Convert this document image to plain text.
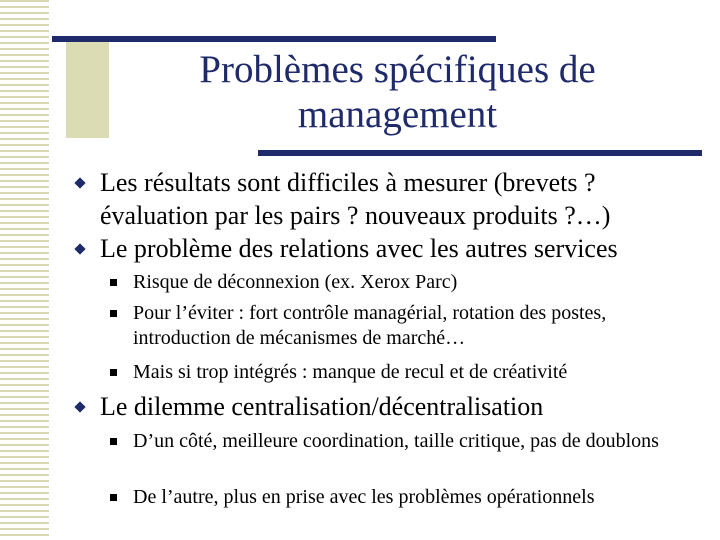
Problèmes spécifiques de
management
Les résultats sont difficiles à mesurer (brevets ? évaluation par les pairs ? nouveaux produits ?…)
Le problème des relations avec les autres services
Risque de déconnexion (ex. Xerox Parc)
Pour l’éviter : fort contrôle managérial, rotation des postes, introduction de mécanismes de marché…
Mais si trop intégrés : manque de recul et de créativité
Le dilemme centralisation/décentralisation
D’un côté, meilleure coordination, taille critique, pas de doublons
De l’autre, plus en prise avec les problèmes opérationnels
